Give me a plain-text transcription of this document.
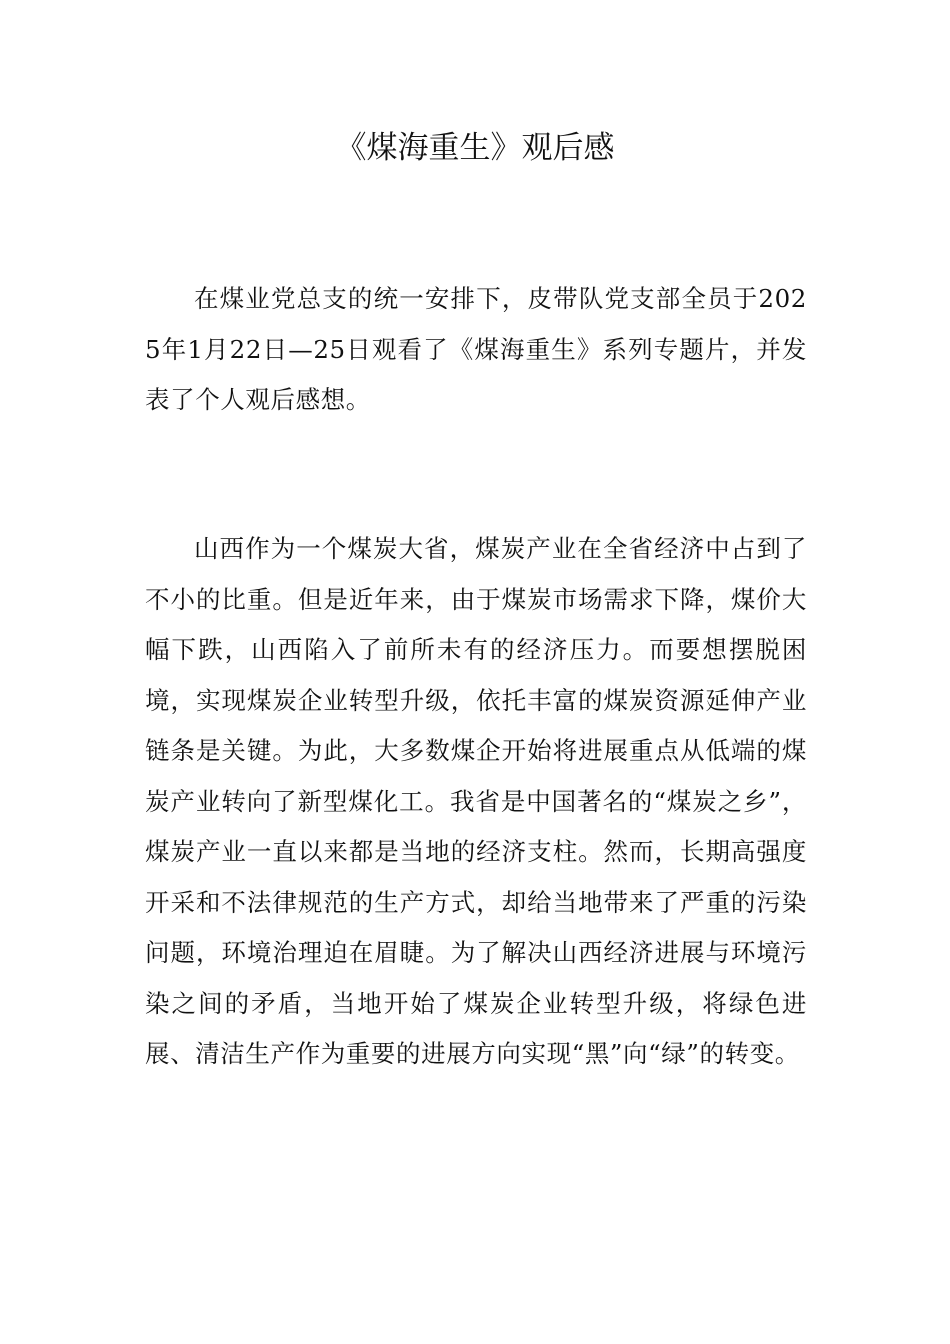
《煤海重生》观后感

在煤业党总支的统一安排下，皮带队党支部全员于2025年1月22日—25日观看了《煤海重生》系列专题片，并发表了个人观后感想。

山西作为一个煤炭大省，煤炭产业在全省经济中占到了不小的比重。但是近年来，由于煤炭市场需求下降，煤价大幅下跌，山西陷入了前所未有的经济压力。而要想摆脱困境，实现煤炭企业转型升级，依托丰富的煤炭资源延伸产业链条是关键。为此，大多数煤企开始将进展重点从低端的煤炭产业转向了新型煤化工。我省是中国著名的“煤炭之乡”，煤炭产业一直以来都是当地的经济支柱。然而，长期高强度开采和不法律规范的生产方式，却给当地带来了严重的污染问题，环境治理迫在眉睫。为了解决山西经济进展与环境污染之间的矛盾，当地开始了煤炭企业转型升级，将绿色进展、清洁生产作为重要的进展方向实现“黑”向“绿”的转变。
